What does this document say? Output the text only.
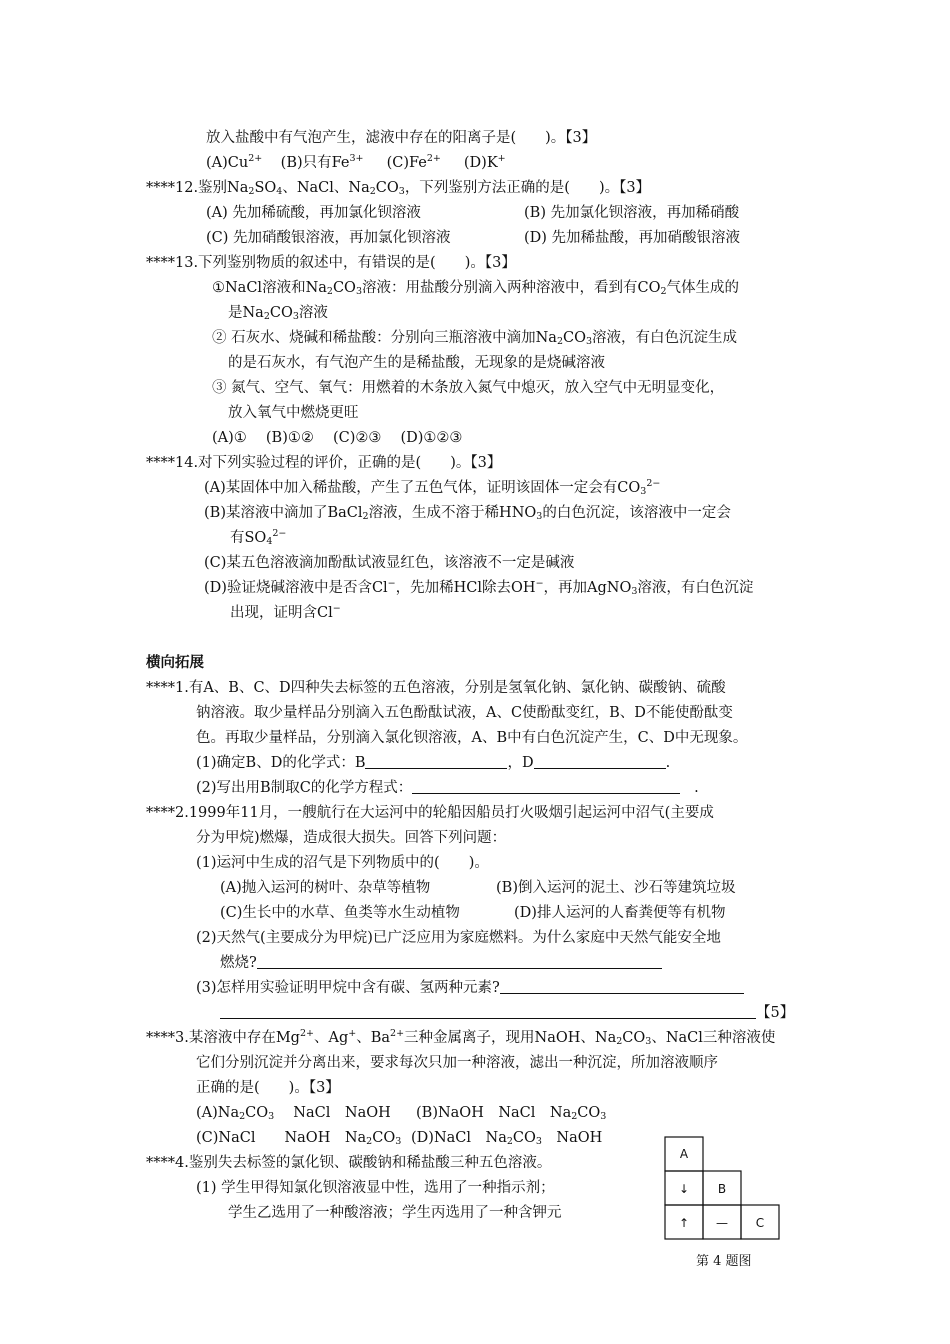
放入盐酸中有气泡产生，滤液中存在的阳离子是(　　)。【3】
$(A)Cu^{2+}$ (B)只有$Fe^{3+}$ $(C)Fe^{2+}$ (D)K+
****12.鉴别$Na_2SO_4$、NaCl、$Na_2CO_3$，下列鉴别方法正确的是(　　)。【3】
(A) 先加稀硫酸，再加氯化钡溶液	(B) 先加氯化钡溶液，再加稀硝酸
(C) 先加硝酸银溶液，再加氯化钡溶液	(D) 先加稀盐酸，再加硝酸银溶液
****13.下列鉴别物质的叙述中，有错误的是(　　)。【3】
①NaCl溶液和$Na_2CO_3$溶液：用盐酸分别滴入两种溶液中，看到有$CO_2$气体生成的
是$Na_2CO_3$溶液
② 石灰水、烧碱和稀盐酸：分别向三瓶溶液中滴加$Na_2CO_3$溶液，有白色沉淀生成
的是石灰水，有气泡产生的是稀盐酸，无现象的是烧碱溶液
③ 氮气、空气、氧气：用燃着的木条放入氮气中熄灭，放入空气中无明显变化，
放入氧气中燃烧更旺
(A)①　 (B)①②　 (C)②③　 (D)①②③
****14.对下列实验过程的评价，正确的是(　　)。【3】
(A)某固体中加入稀盐酸，产生了五色气体，证明该固体一定会有$CO_3^{2-}$
(B)某溶液中滴加了BaCl$_2$溶液，生成不溶于稀$HNO_3$的白色沉淀，该溶液中一定会
有$SO_4^{2-}$
(C)某五色溶液滴加酚酞试液显红色，该溶液不一定是碱液
(D)验证烧碱溶液中是否含Cl−，先加稀HCl除去OH−，再加AgNO$_3$溶液，有白色沉淀
出现，证明含Cl−
横向拓展
****1.有A、B、C、D四种失去标签的五色溶液，分别是氢氧化钠、氯化钠、碳酸钠、硫酸
钠溶液。取少量样品分别滴入五色酚酞试液，A、C使酚酞变红，B、D不能使酚酞变
色。再取少量样品，分别滴入氯化钡溶液，A、B中有白色沉淀产生，C、D中无现象。
(1)确定B、D的化学式：B	，D	.
(2)写出用B制取C的化学方程式：	.
****2.1999年11月，一艘航行在大运河中的轮船因船员打火吸烟引起运河中沼气(主要成
分为甲烷)燃爆，造成很大损失。回答下列问题：
(1)运河中生成的沼气是下列物质中的(　　)。
(A)抛入运河的树叶、杂草等植物	(B)倒入运河的泥土、沙石等建筑垃圾
(C)生长中的水草、鱼类等水生动植物	(D)排人运河的人畜粪便等有机物
(2)天然气(主要成分为甲烷)已广泛应用为家庭燃料。为什么家庭中天然气能安全地
燃烧?
(3)怎样用实验证明甲烷中含有碳、氢两种元素?
【5】
****3.某溶液中存在$Mg^{2+}$、Ag+、$Ba^{2+}$三种金属离子，现用NaOH、$Na_2CO_3$、NaCl三种溶液使
它们分别沉淀并分离出来，要求每次只加一种溶液，滤出一种沉淀，所加溶液顺序
正确的是(　　)。【3】
$(A)Na_2CO_3$　 NaCl　NaOH (B)NaOH　NaCl　$Na_2CO_3$
(C)NaCl　　NaOH　$Na_2CO_3$ (D)NaCl　$Na_2CO_3$　NaOH
****4.鉴别失去标签的氯化钡、碳酸钠和稀盐酸三种五色溶液。
(1) 学生甲得知氯化钡溶液显中性，选用了一种指示剂；
学生乙选用了一种酸溶液；学生丙选用了一种含钾元
A
↓ B
↑ — C
第 4 题图
